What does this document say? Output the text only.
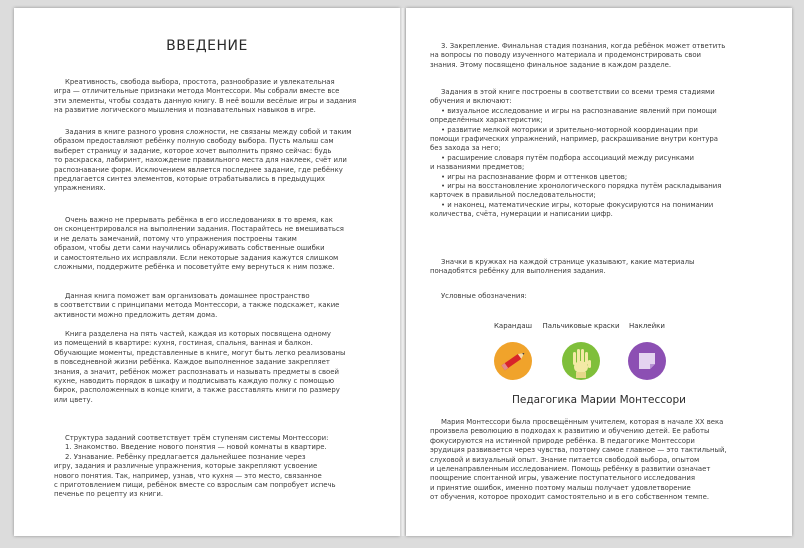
ВВЕДЕНИЕ

Креативность, свобода выбора, простота, разнообразие и увлекательная
игра — отличительные признаки метода Монтессори. Мы собрали вместе все
эти элементы, чтобы создать данную книгу. В неё вошли весёлые игры и задания
на развитие логического мышления и познавательных навыков в игре.

Задания в книге разного уровня сложности, не связаны между собой и таким
образом предоставляют ребёнку полную свободу выбора. Пусть малыш сам
выберет страницу и задание, которое хочет выполнить прямо сейчас: будь
то раскраска, лабиринт, нахождение правильного места для наклеек, счёт или
распознавание форм. Исключением является последнее задание, где ребёнку
предлагается синтез элементов, которые отрабатывались в предыдущих
упражнениях.

Очень важно не прерывать ребёнка в его исследованиях в то время, как
он сконцентрировался на выполнении задания. Постарайтесь не вмешиваться
и не делать замечаний, потому что упражнения построены таким
образом, чтобы дети сами научились обнаруживать собственные ошибки
и самостоятельно их исправляли. Если некоторые задания кажутся слишком
сложными, поддержите ребёнка и посоветуйте ему вернуться к ним позже.

Данная книга поможет вам организовать домашнее пространство
в соответствии с принципами метода Монтессори, а также подскажет, какие
активности можно предложить детям дома.

Книга разделена на пять частей, каждая из которых посвящена одному
из помещений в квартире: кухня, гостиная, спальня, ванная и балкон.
Обучающие моменты, представленные в книге, могут быть легко реализованы
в повседневной жизни ребёнка. Каждое выполненное задание закрепляет
знания, а значит, ребёнок может распознавать и называть предметы в своей
кухне, наводить порядок в шкафу и подписывать каждую полку с помощью
бирок, расположенных в конце книги, а также расставлять книги по размеру
или цвету.

Структура заданий соответствует трём ступеням системы Монтессори:
1. Знакомство. Введение нового понятия — новой комнаты в квартире.
2. Узнавание. Ребёнку предлагается дальнейшее познание через
игру, задания и различные упражнения, которые закрепляют усвоение
нового понятия. Так, например, узнав, что кухня — это место, связанное
с приготовлением пищи, ребёнок вместе со взрослым сам попробует испечь
печенье по рецепту из книги.

3. Закрепление. Финальная стадия познания, когда ребёнок может ответить
на вопросы по поводу изученного материала и продемонстрировать свои
знания. Этому посвящено финальное задание в каждом разделе.

Задания в этой книге построены в соответствии со всеми тремя стадиями
обучения и включают:
• визуальное исследование и игры на распознавание явлений при помощи
определённых характеристик;
• развитие мелкой моторики и зрительно-моторной координации при
помощи графических упражнений, например, раскрашивание внутри контура
без захода за него;
• расширение словаря путём подбора ассоциаций между рисунками
и названиями предметов;
• игры на распознавание форм и оттенков цветов;
• игры на восстановление хронологического порядка путём раскладывания
карточек в правильной последовательности;
• и наконец, математические игры, которые фокусируются на понимании
количества, счёта, нумерации и написании цифр.

Значки в кружках на каждой странице указывают, какие материалы
понадобятся ребёнку для выполнения задания.

Условные обозначения:

Карандаш	Пальчиковые краски	Наклейки
Педагогика Марии Монтессори

Мария Монтессори была просвещённым учителем, которая в начале XX века
произвела революцию в подходах к развитию и обучению детей. Ее работы
фокусируются на истинной природе ребёнка. В педагогике Монтессори
эрудиция развивается через чувства, поэтому самое главное — это тактильный,
слуховой и визуальный опыт. Знание питается свободой выбора, опытом
и целенаправленным исследованием. Помощь ребёнку в развитии означает
поощрение спонтанной игры, уважение поступательного исследования
и принятие ошибок, именно поэтому малыш получает удовлетворение
от обучения, которое проходит самостоятельно и в его собственном темпе.
